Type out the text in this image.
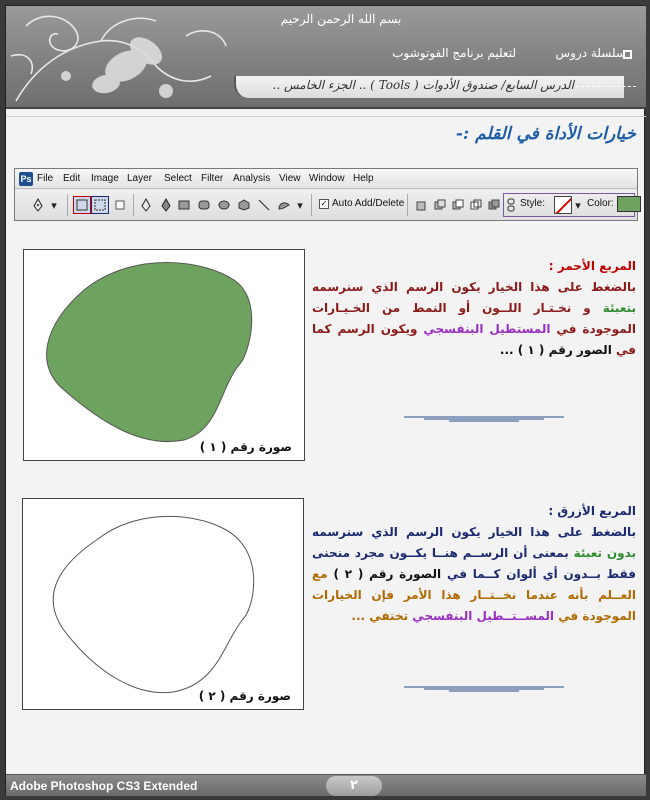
بسم الله الرحمن الرحيم
سلسلة دروس
لتعليم برنامج الفوتوشوب
الدرس السابع/ صندوق الأدوات ( Tools ) .. الجزء الخامس ..
خيارات الأداة في القلم :-
Ps File Edit Image Layer Select Filter Analysis View Window Help
▾	▾ ✓ Auto Add/Delete	Style:	▾ Color:
صورة رقم ( ١ )
المربع الأحمر :
بالضغط على هذا الخيار يكون الرسم الذي سنرسمه بتعبئة و نخـتـار اللــون أو النمط من الخـيـارات الموجودة في المستطيل البنفسجي ويكون الرسم كما في الصور رقم ( ١ ) ...
صورة رقم ( ٢ )
المربع الأزرق :
بالضغط على هذا الخيار يكون الرسم الذي سنرسمه بدون تعبئة بمعنى أن الرســم هنــا يكــون مجرد منحنى فقط بــدون أي ألوان كــما في الصورة رقم ( ٢ ) مع العــلم بأنه عندما نخــتــار هذا الأمر فإن الخيارات الموجودة في المســتــطيل البنفسجي تختفي ...
Adobe Photoshop CS3 Extended	٢
